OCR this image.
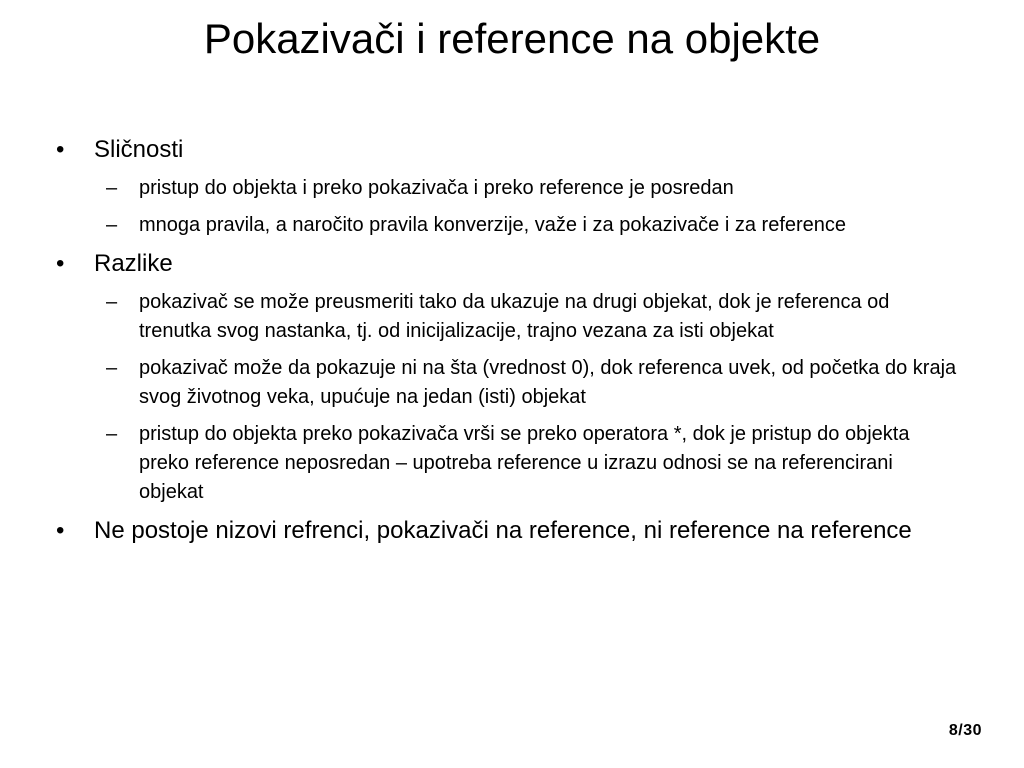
Pokazivači i reference na objekte
•	Sličnosti
–	pristup do objekta i preko pokazivača i preko reference je posredan
–	mnoga pravila, a naročito pravila konverzije, važe i za pokazivače i za reference
•	Razlike
–	pokazivač se može preusmeriti tako da ukazuje na drugi objekat, dok je referenca od trenutka svog nastanka, tj. od inicijalizacije, trajno vezana za isti objekat
–	pokazivač može da pokazuje ni na šta (vrednost 0), dok referenca uvek, od početka do kraja svog životnog veka, upućuje na jedan (isti) objekat
–	pristup do objekta preko pokazivača vrši se preko operatora *, dok je pristup do objekta preko reference neposredan – upotreba reference u izrazu odnosi se na referencirani objekat
•	Ne postoje nizovi refrenci, pokazivači na reference, ni reference na reference
8/30
